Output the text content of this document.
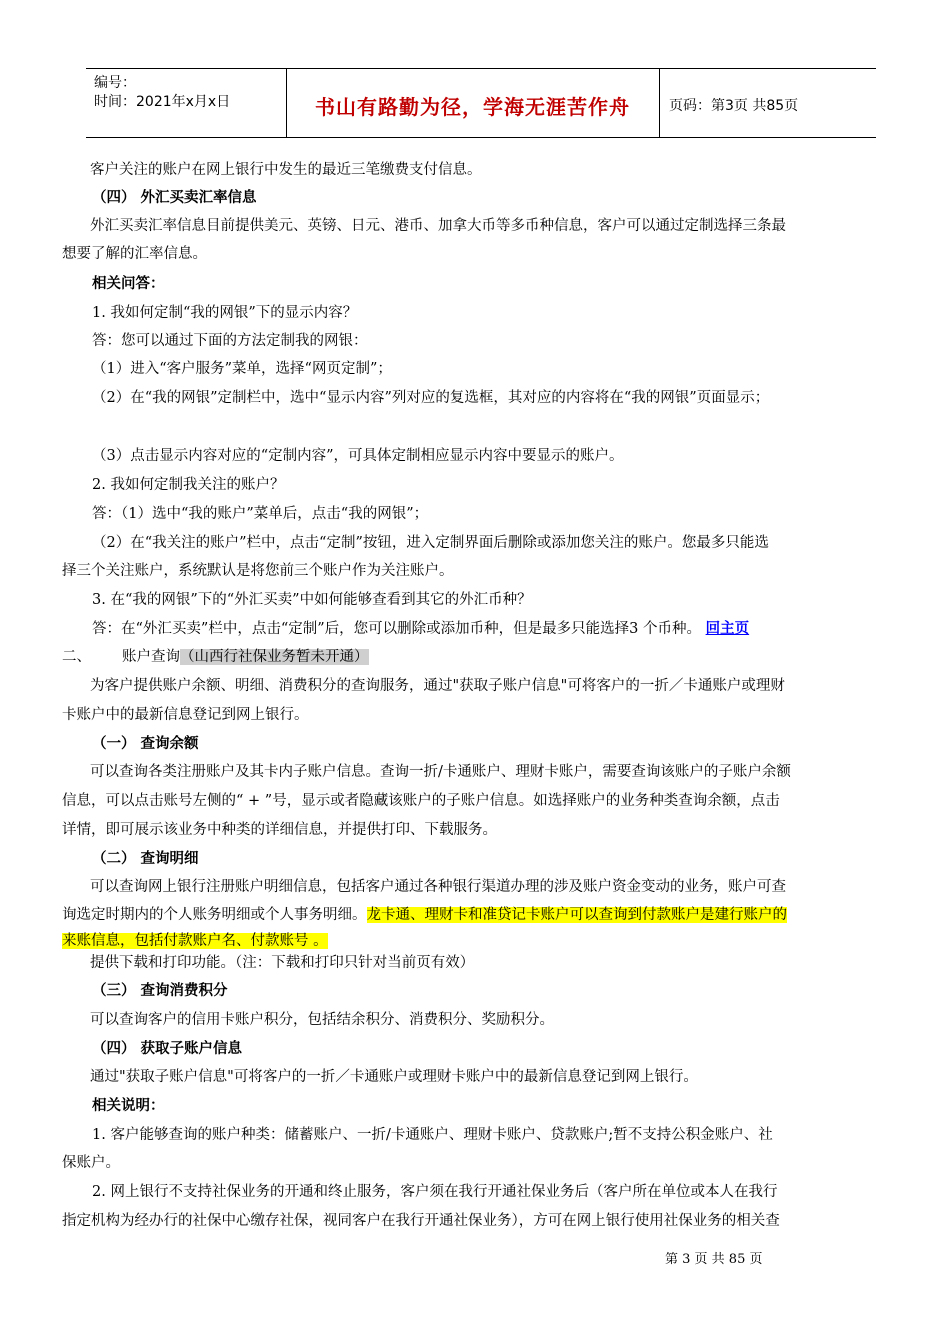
编号：
时间：2021年x月x日	书山有路勤为径，学海无涯苦作舟	页码：第3页 共85页
客户关注的账户在网上银行中发生的最近三笔缴费支付信息。
（四） 外汇买卖汇率信息
外汇买卖汇率信息目前提供美元、英镑、日元、港币、加拿大币等多币种信息，客户可以通过定制选择三条最
想要了解的汇率信息。
相关问答：
1. 我如何定制“我的网银”下的显示内容？
答：您可以通过下面的方法定制我的网银：
（1）进入“客户服务”菜单，选择“网页定制”；
（2）在“我的网银”定制栏中，选中“显示内容”列对应的复选框，其对应的内容将在“我的网银”页面显示；
（3）点击显示内容对应的“定制内容”，可具体定制相应显示内容中要显示的账户。
2. 我如何定制我关注的账户？
答：（1）选中“我的账户”菜单后，点击“我的网银”；
（2）在“我关注的账户”栏中，点击“定制”按钮，进入定制界面后删除或添加您关注的账户。您最多只能选
择三个关注账户，系统默认是将您前三个账户作为关注账户。
3. 在“我的网银”下的“外汇买卖”中如何能够查看到其它的外汇币种？
答：在“外汇买卖”栏中，点击“定制”后，您可以删除或添加币种，但是最多只能选择3 个币种。 回主页
二、 账户查询（山西行社保业务暂未开通）
为客户提供账户余额、明细、消费积分的查询服务，通过"获取子账户信息"可将客户的一折／卡通账户或理财
卡账户中的最新信息登记到网上银行。
（一） 查询余额
可以查询各类注册账户及其卡内子账户信息。查询一折/卡通账户、理财卡账户，需要查询该账户的子账户余额
信息，可以点击账号左侧的“ + ”号，显示或者隐藏该账户的子账户信息。如选择账户的业务种类查询余额，点击
详情，即可展示该业务中种类的详细信息，并提供打印、下载服务。
（二） 查询明细
可以查询网上银行注册账户明细信息，包括客户通过各种银行渠道办理的涉及账户资金变动的业务，账户可查
询选定时期内的个人账务明细或个人事务明细。龙卡通、理财卡和准贷记卡账户可以查询到付款账户是建行账户的
来账信息，包括付款账户名、付款账号 。
提供下载和打印功能。（注：下载和打印只针对当前页有效）
（三） 查询消费积分
可以查询客户的信用卡账户积分，包括结余积分、消费积分、奖励积分。
（四） 获取子账户信息
通过"获取子账户信息"可将客户的一折／卡通账户或理财卡账户中的最新信息登记到网上银行。
相关说明：
1. 客户能够查询的账户种类：储蓄账户、一折/卡通账户、理财卡账户、贷款账户;暂不支持公积金账户、社
保账户。
2. 网上银行不支持社保业务的开通和终止服务，客户须在我行开通社保业务后（客户所在单位或本人在我行
指定机构为经办行的社保中心缴存社保，视同客户在我行开通社保业务），方可在网上银行使用社保业务的相关查
第 3 页 共 85 页
